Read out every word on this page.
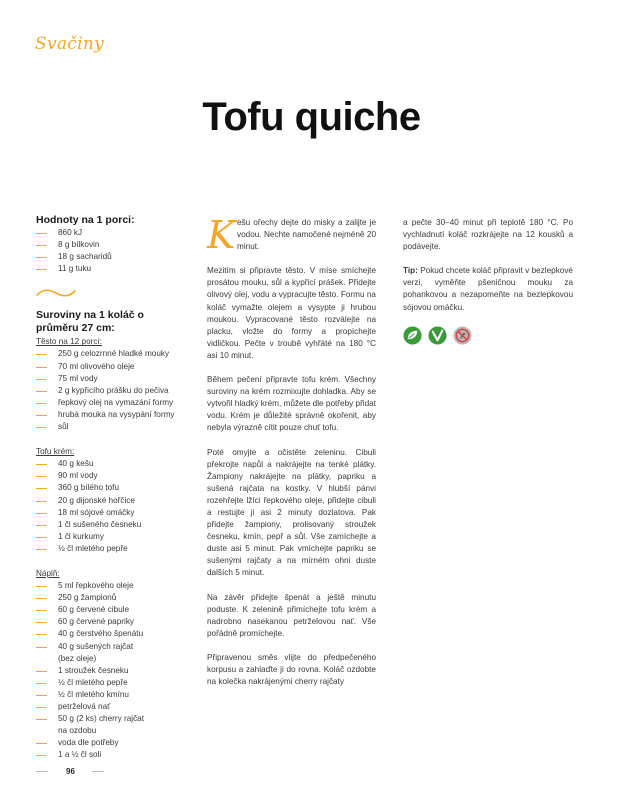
Svačiny
Tofu quiche
Hodnoty na 1 porci:
860 kJ
8 g bílkovin
18 g sacharidů
11 g tuku
Suroviny na 1 koláč o průměru 27 cm:
Těsto na 12 porcí:
250 g celozrnné hladké mouky
70 ml olivového oleje
75 ml vody
2 g kypřicího prášku do pečiva
řepkový olej na vymazání formy
hrubá mouka na vysypání formy
sůl
Tofu krém:
40 g kešu
90 ml vody
360 g bílého tofu
20 g dijonské hořčice
18 ml sójové omáčky
1 čl sušeného česneku
1 čl kurkumy
½ čl mletého pepře
Náplň:
5 ml řepkového oleje
250 g žampionů
60 g červené cibule
60 g červené papriky
40 g čerstvého špenátu
40 g sušených rajčat
(bez oleje)
1 stroužek česneku
½ čl mletého pepře
½ čl mletého kmínu
petrželová nať
50 g (2 ks) cherry rajčat
na ozdobu
voda dle potřeby
1 a ½ čl soli
K ešu ořechy dejte do misky a zalijte je vodou. Nechte namočené nejméně 20 minut.

Mezitím si připravte těsto. V míse smíchejte prosátou mouku, sůl a kypřicí prášek. Přidejte olivový olej, vodu a vypracujte těsto. Formu na koláč vymažte olejem a vysypte ji hrubou moukou. Vypracované těsto rozválejte na placku, vložte do formy a propíchejte vidličkou. Pečte v troubě vyhřáté na 180 °C asi 10 minut.

Během pečení připravte tofu krém. Všechny suroviny na krém rozmixujte dohladka. Aby se vytvořil hladký krém, můžete dle potřeby přidat vodu. Krém je důležité správně okořenit, aby nebyla výrazně cítit pouze chuť tofu.

Poté omyjte a očistěte zeleninu. Cibuli překrojte napůl a nakrájejte na tenké plátky. Žampiony nakrájejte na plátky, papriku a sušená rajčata na kostky. V hlubší pánvi rozehřejte lžíci řepkového oleje, přidejte cibuli a restujte ji asi 2 minuty dozlatova. Pak přidejte žampiony, prolisovaný stroužek česneku, kmín, pepř a sůl. Vše zamíchejte a duste asi 5 minut. Pak vmíchejte papriku se sušenými rajčaty a na mírném ohni duste dalších 5 minut.

Na závěr přidejte špenát a ještě minutu poduste. K zelenině přimíchejte tofu krém a nadrobno nasekanou petrželovou nať. Vše pořádně promíchejte.

Připravenou směs vlijte do předpečeného korpusu a zahlaďte ji do rovna. Koláč ozdobte na kolečka nakrájenými cherry rajčaty

a pečte 30–40 minut při teplotě 180 °C. Po vychladnutí koláč rozkrájejte na 12 kousků a podávejte.

Tip: Pokud chcete koláč připravit v bezlepkové verzi, vyměňte pšeničnou mouku za pohankovou a nezapomeňte na bezlepkovou sójovou omáčku.

96
